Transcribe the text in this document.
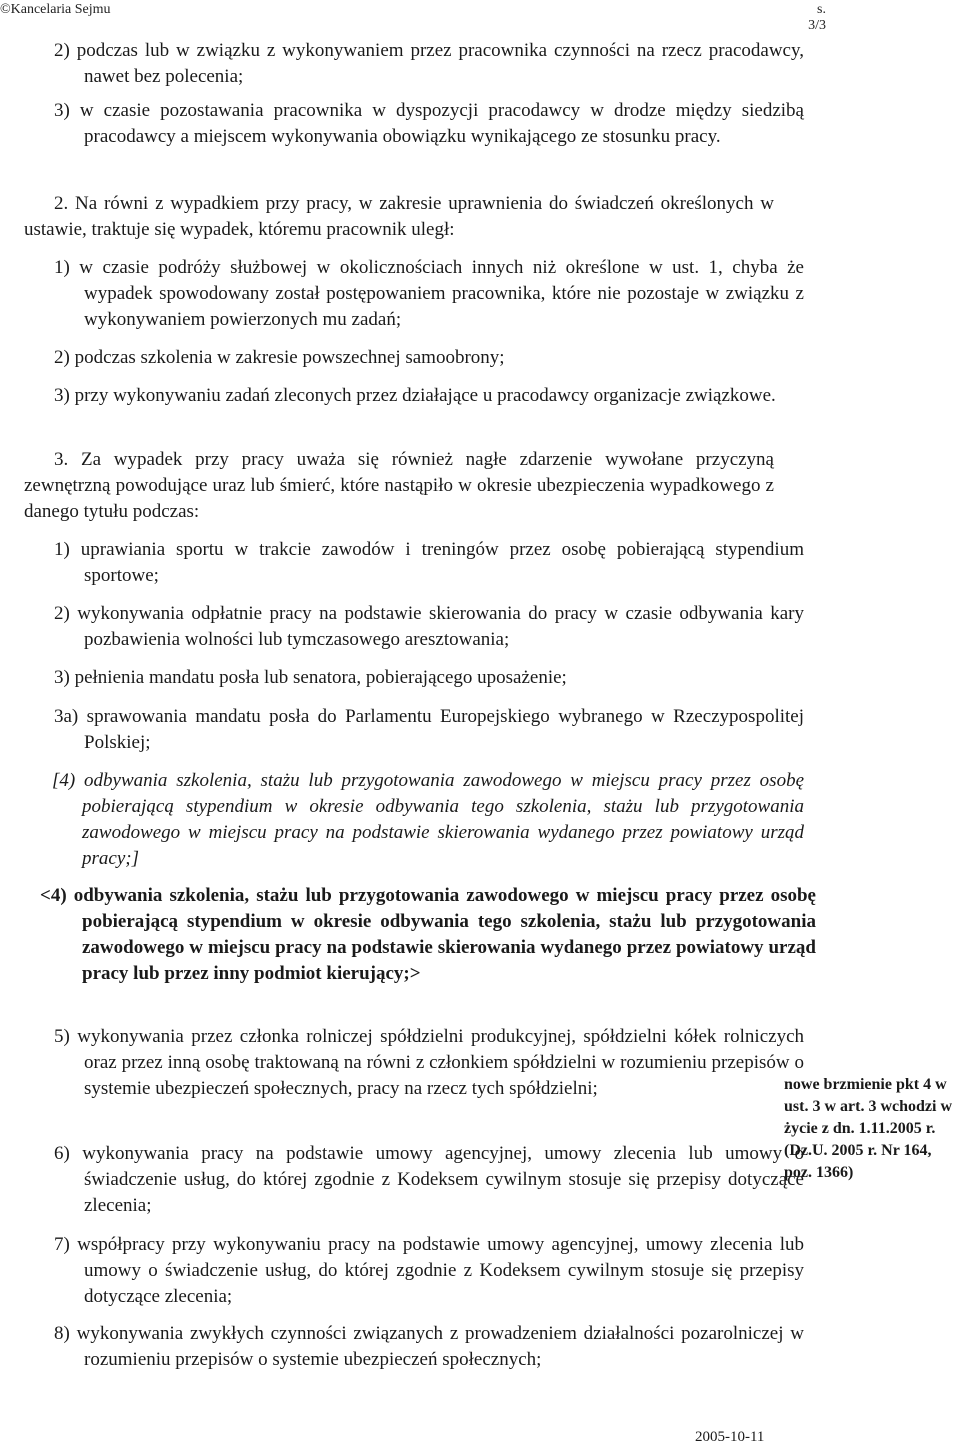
©Kancelaria Sejmu	s. 3/3

2) podczas lub w związku z wykonywaniem przez pracownika czynności na rzecz pracodawcy, nawet bez polecenia;

3) w czasie pozostawania pracownika w dyspozycji pracodawcy w drodze między siedzibą pracodawcy a miejscem wykonywania obowiązku wynikającego ze stosunku pracy.

2. Na równi z wypadkiem przy pracy, w zakresie uprawnienia do świadczeń określonych w ustawie, traktuje się wypadek, któremu pracownik uległ:

1) w czasie podróży służbowej w okolicznościach innych niż określone w ust. 1, chyba że wypadek spowodowany został postępowaniem pracownika, które nie pozostaje w związku z wykonywaniem powierzonych mu zadań;

2) podczas szkolenia w zakresie powszechnej samoobrony;

3) przy wykonywaniu zadań zleconych przez działające u pracodawcy organizacje związkowe.

3. Za wypadek przy pracy uważa się również nagłe zdarzenie wywołane przyczyną zewnętrzną powodujące uraz lub śmierć, które nastąpiło w okresie ubezpieczenia wypadkowego z danego tytułu podczas:

1) uprawiania sportu w trakcie zawodów i treningów przez osobę pobierającą stypendium sportowe;

2) wykonywania odpłatnie pracy na podstawie skierowania do pracy w czasie odbywania kary pozbawienia wolności lub tymczasowego aresztowania;

3) pełnienia mandatu posła lub senatora, pobierającego uposażenie;

3a) sprawowania mandatu posła do Parlamentu Europejskiego wybranego w Rzeczypospolitej Polskiej;

[4) odbywania szkolenia, stażu lub przygotowania zawodowego w miejscu pracy przez osobę pobierającą stypendium w okresie odbywania tego szkolenia, stażu lub przygotowania zawodowego w miejscu pracy na podstawie skierowania wydanego przez powiatowy urząd pracy;]

<4) odbywania szkolenia, stażu lub przygotowania zawodowego w miejscu pracy przez osobę pobierającą stypendium w okresie odbywania tego szkolenia, stażu lub przygotowania zawodowego w miejscu pracy na podstawie skierowania wydanego przez powiatowy urząd pracy lub przez inny podmiot kierujący;>

5) wykonywania przez członka rolniczej spółdzielni produkcyjnej, spółdzielni kółek rolniczych oraz przez inną osobę traktowaną na równi z członkiem spółdzielni w rozumieniu przepisów o systemie ubezpieczeń społecznych, pracy na rzecz tych spółdzielni;

6) wykonywania pracy na podstawie umowy agencyjnej, umowy zlecenia lub umowy o świadczenie usług, do której zgodnie z Kodeksem cywilnym stosuje się przepisy dotyczące zlecenia;

7) współpracy przy wykonywaniu pracy na podstawie umowy agencyjnej, umowy zlecenia lub umowy o świadczenie usług, do której zgodnie z Kodeksem cywilnym stosuje się przepisy dotyczące zlecenia;

8) wykonywania zwykłych czynności związanych z prowadzeniem działalności pozarolniczej w rozumieniu przepisów o systemie ubezpieczeń społecznych;

nowe brzmienie pkt 4 w ust. 3 w art. 3 wchodzi w życie z dn. 1.11.2005 r. (Dz.U. 2005 r. Nr 164, poz. 1366)

2005-10-11
